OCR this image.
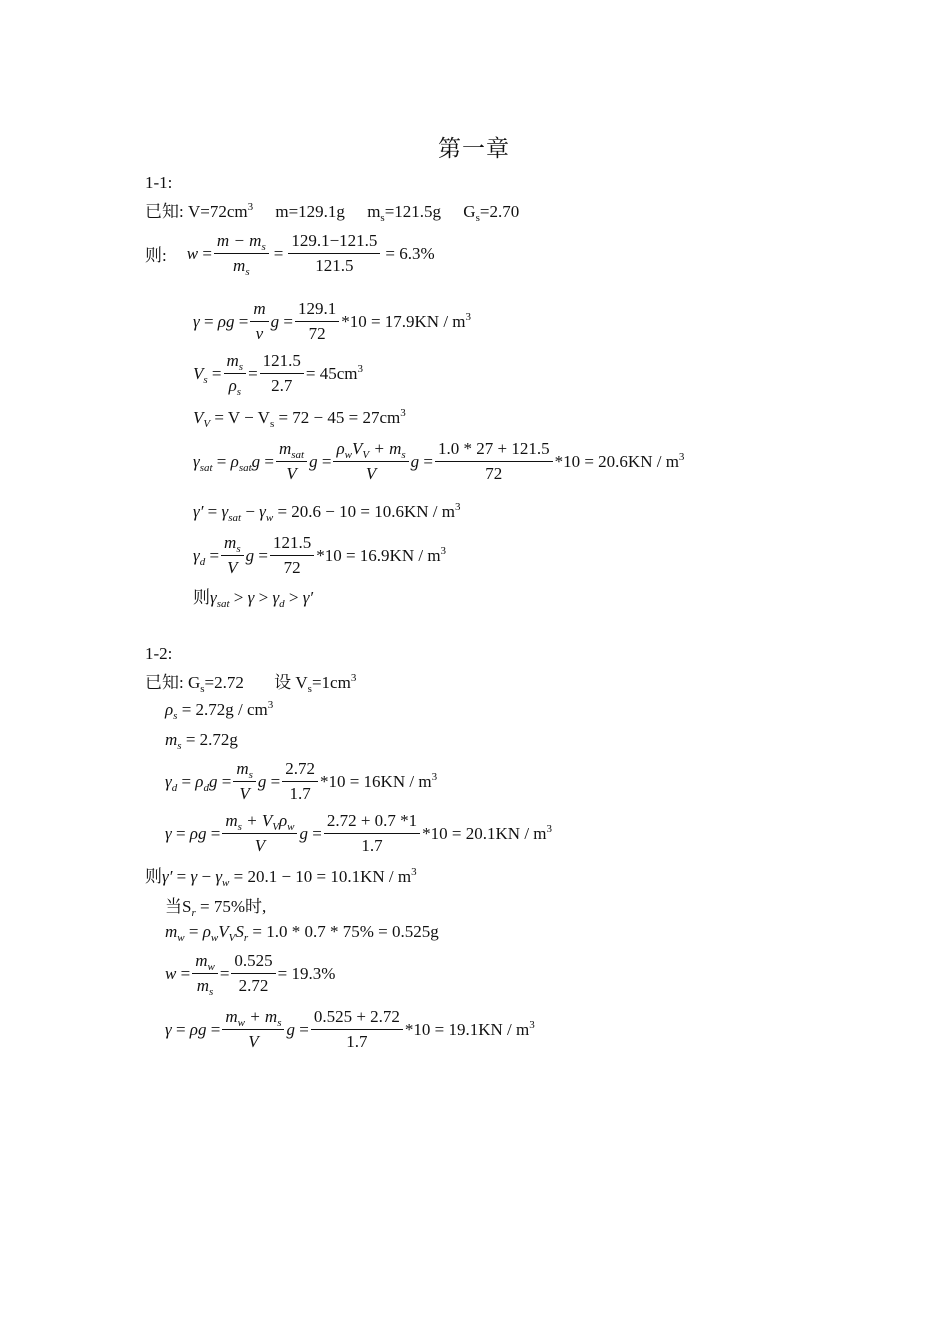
第一章
1-1:
已知: $V=72cm^3$ m=129.1g $m_s=121.5g$ $G_s=2.70$
则: $w = \frac{m - m_s}{m_s} = \frac{129.1-121.5}{121.5} = 6.3\%$
$\gamma = \rho g = \frac{m}{v}$ $g = \frac{129.1}{72} *10 = 17.9KN / m^3$
$V_s = \frac{m_s}{\rho_s} = \frac{121.5}{2.7} = 45cm^3$
$V_V = V - V_s = 72 - 45 = 27cm^3$
$\gamma_{sat} = \rho_{sat}g = \frac{m_{sat}}{V}$ $g = \frac{\rho_wV_V + m_s}{V}$ $g = \frac{1.0 * 27 + 121.5}{72} *10 = 20.6KN / m^3$
$\gamma' = \gamma_{sat} - \gamma_w = 20.6 - 10 = 10.6KN / m^3$
$\gamma_d = \frac{m_s}{V}$ $g = \frac{121.5}{72} *10 = 16.9KN / m^3$
则$\gamma_{sat} > \gamma > \gamma_d > \gamma'$
1-2:
已知: $G_s=2.72$ 设 $V_s=1cm^3$
$\rho_s = 2.72g / cm^3$
$m_s = 2.72g$
$\gamma_d = \rho_dg = \frac{m_s}{V}$ $g = \frac{2.72}{1.7} *10 = 16KN / m^3$
$\gamma = \rho g = \frac{m_s + V_V\rho_w}{V}$ $g = \frac{2.72 + 0.7 *1}{1.7} *10 = 20.1KN / m^3$
则$\gamma' = \gamma - \gamma_w = 20.1 - 10 = 10.1KN / m^3$
当$S_r = 75\%$时,
$m_w = \rho_wV_VS_r = 1.0 * 0.7 * 75\% = 0.525g$
$w = \frac{m_w}{m_s} = \frac{0.525}{2.72} = 19.3\%$
$\gamma = \rho g = \frac{m_w + m_s}{V}$ $g = \frac{0.525 + 2.72}{1.7} *10 = 19.1KN / m^3$
